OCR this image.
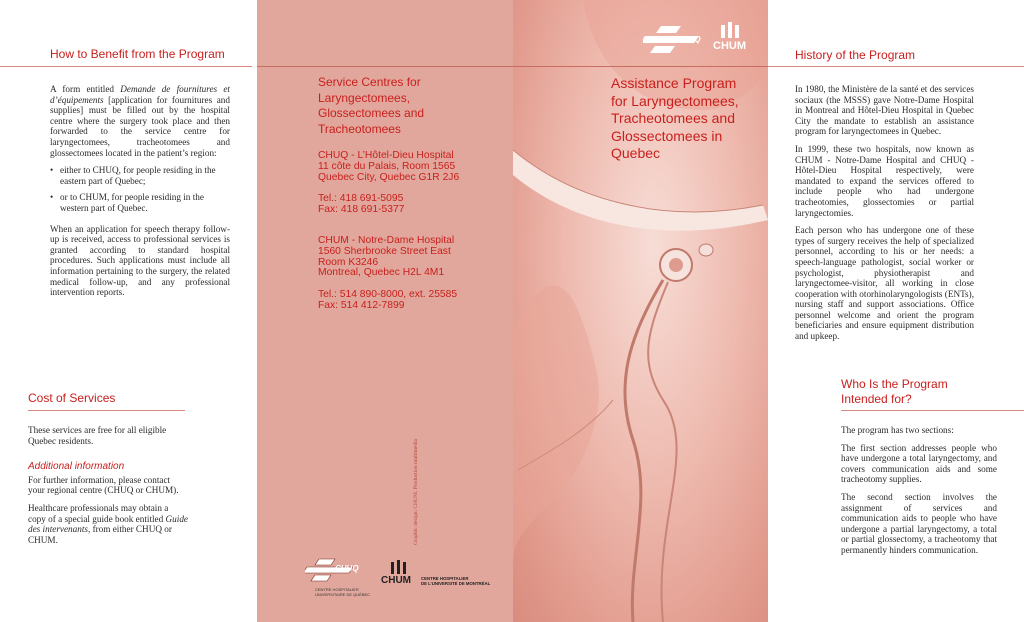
How to Benefit from the Program

A form entitled Demande de fournitures et d’équipements [application for fournitures and supplies] must be filled out by the hospital centre where the surgery took place and then forwarded to the service centre for laryngectomees, tracheotomees and glossectomees located in the patient’s region:

• either to CHUQ, for people residing in the eastern part of Quebec;
• or to CHUM, for people residing in the western part of Quebec.

When an application for speech therapy follow-up is received, access to professional services is granted according to standard hospital procedures. Such applications must include all information pertaining to the surgery, the related medical follow-up, and any professional intervention reports.

Cost of Services

These services are free for all eligible Quebec residents.

Additional information

For further information, please contact your regional centre (CHUQ or CHUM).

Healthcare professionals may obtain a copy of a special guide book entitled Guide des intervenants, from either CHUQ or CHUM.

Service Centres for Laryngectomees, Glossectomees and Tracheotomees
CHUQ - L’Hôtel-Dieu Hospital
11 côte du Palais, Room 1565
Quebec City, Quebec G1R 2J6
Tel.: 418 691-5095
Fax: 418 691-5377
CHUM - Notre-Dame Hospital
1560 Sherbrooke Street East
Room K3246
Montreal, Quebec H2L 4M1
Tel.: 514 890-8000, ext. 25585
Fax: 514 412-7899
CHUQ
CENTRE HOSPITALIER
UNIVERSITAIRE DE QUÉBEC
CHUM CENTRE HOSPITALIER
DE L’UNIVERSITÉ DE MONTRÉAL
Graphic design: CHUM, Production multimédia
CHUQ
CHUM
Assistance Program for Laryngectomees, Tracheotomees and Glossectomees in Quebec
History of the Program

In 1980, the Ministère de la santé et des services sociaux (the MSSS) gave Notre-Dame Hospital in Montreal and Hôtel-Dieu Hospital in Quebec City the mandate to establish an assistance program for laryngectomees in Quebec.

In 1999, these two hospitals, now known as CHUM - Notre-Dame Hospital and CHUQ - Hôtel-Dieu Hospital respectively, were mandated to expand the services offered to include people who had undergone tracheotomies, glossectomies or partial laryngectomies.

Each person who has undergone one of these types of surgery receives the help of specialized personnel, according to his or her needs: a speech-language pathologist, social worker or psychologist, physiotherapist and laryngectomee-visitor, all working in close cooperation with otorhinolaryngologists (ENTs), nursing staff and support associations. Office personnel welcome and orient the program beneficiaries and ensure equipment distribution and upkeep.

Who Is the Program Intended for?

The program has two sections:

The first section addresses people who have undergone a total laryngectomy, and covers communication aids and some tracheotomy supplies.

The second section involves the assignment of services and communication aids to people who have undergone a partial laryngectomy, a total or partial glossectomy, a tracheotomy that permanently hinders communication.
